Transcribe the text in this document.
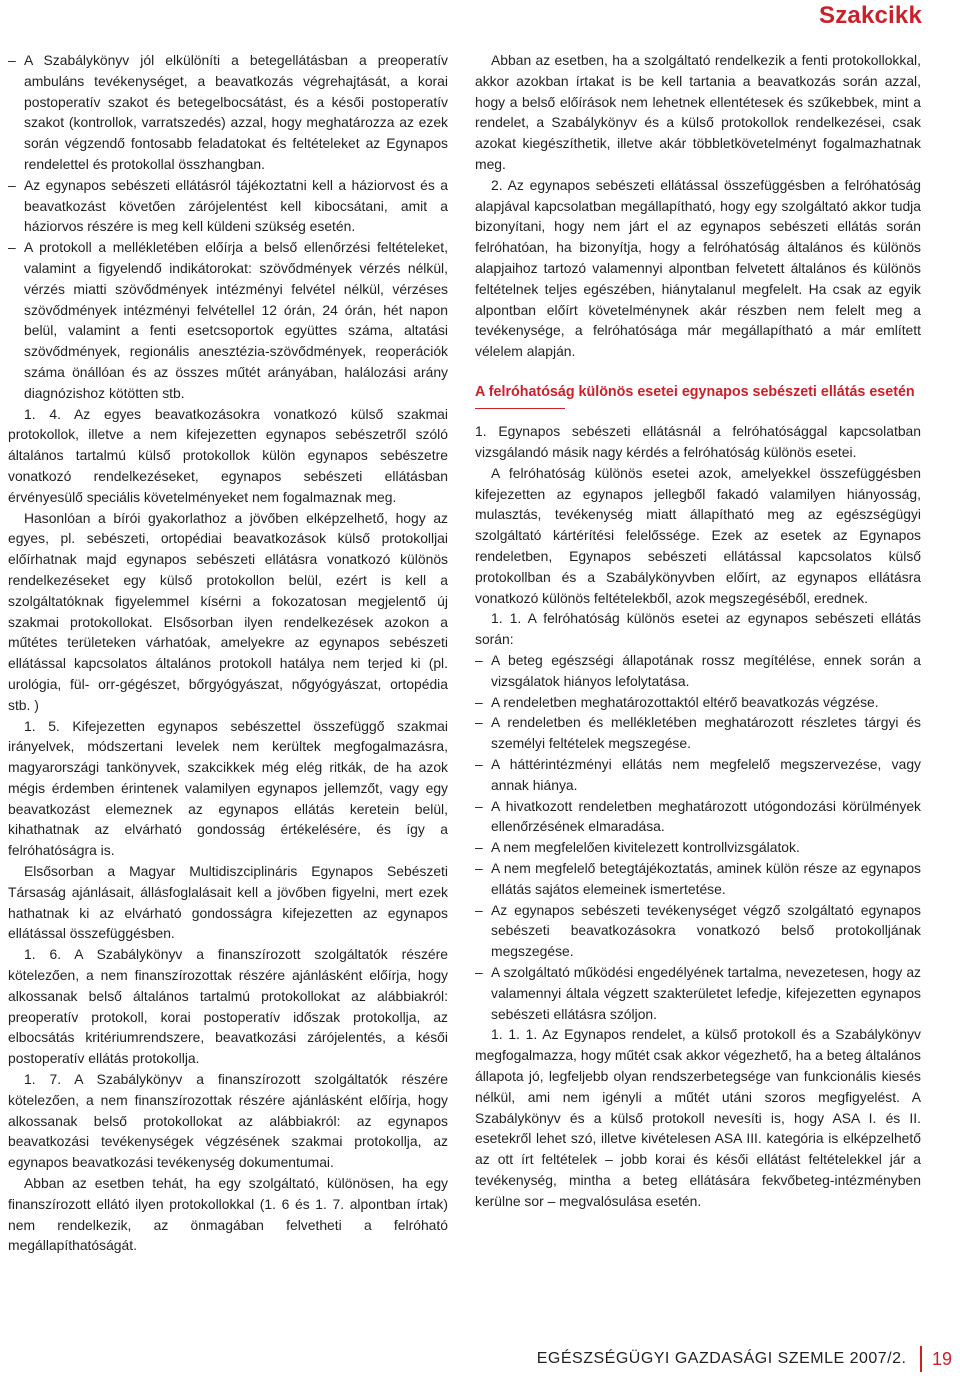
Szakcikk

– A Szabálykönyv jól elkülöníti a betegellátásban a preoperatív ambuláns tevékenységet, a beavatkozás végrehajtását, a korai postoperatív szakot és betegelbocsátást, és a késői postoperatív szakot (kontrollok, varratszedés) azzal, hogy meghatározza az ezek során végzendő fontosabb feladatokat és feltételeket az Egynapos rendelettel és protokollal összhangban.

– Az egynapos sebészeti ellátásról tájékoztatni kell a háziorvost és a beavatkozást követően zárójelentést kell kibocsátani, amit a háziorvos részére is meg kell küldeni szükség esetén.

– A protokoll a mellékletében előírja a belső ellenőrzési feltételeket, valamint a figyelendő indikátorokat: szövődmények vérzés nélkül, vérzés miatti szövődmények intézményi felvétel nélkül, vérzéses szövődmények intézményi felvétellel 12 órán, 24 órán, hét napon belül, valamint a fenti esetcsoportok együttes száma, altatási szövődmények, regionális anesztézia-szövődmények, reoperációk száma önállóan és az összes műtét arányában, halálozási arány diagnózishoz kötötten stb.

1. 4. Az egyes beavatkozásokra vonatkozó külső szakmai protokollok, illetve a nem kifejezetten egynapos sebészetről szóló általános tartalmú külső protokollok külön egynapos sebészetre vonatkozó rendelkezéseket, egynapos sebészeti ellátásban érvényesülő speciális követelményeket nem fogalmaznak meg.

Hasonlóan a bírói gyakorlathoz a jövőben elképzelhető, hogy az egyes, pl. sebészeti, ortopédiai beavatkozások külső protokolljai előírhatnak majd egynapos sebészeti ellátásra vonatkozó különös rendelkezéseket egy külső protokollon belül, ezért is kell a szolgáltatóknak figyelemmel kísérni a fokozatosan megjelentő új szakmai protokollokat. Elsősorban ilyen rendelkezések azokon a műtétes területeken várhatóak, amelyekre az egynapos sebészeti ellátással kapcsolatos általános protokoll hatálya nem terjed ki (pl. urológia, fül- orr-gégészet, bőrgyógyászat, nőgyógyászat, ortopédia stb. )

1. 5. Kifejezetten egynapos sebészettel összefüggő szakmai irányelvek, módszertani levelek nem kerültek megfogalmazásra, magyarországi tankönyvek, szakcikkek még elég ritkák, de ha azok mégis érdemben érintenek valamilyen egynapos jellemzőt, vagy egy beavatkozást elemeznek az egynapos ellátás keretein belül, kihathatnak az elvárható gondosság értékelésére, és így a felróhatóságra is.

Elsősorban a Magyar Multidiszciplináris Egynapos Sebészeti Társaság ajánlásait, állásfoglalásait kell a jövőben figyelni, mert ezek hathatnak ki az elvárható gondosságra kifejezetten az egynapos ellátással összefüggésben.

1. 6. A Szabálykönyv a finanszírozott szolgáltatók részére kötelezően, a nem finanszírozottak részére ajánlásként előírja, hogy alkossanak belső általános tartalmú protokollokat az alábbiakról: preoperatív protokoll, korai postoperatív időszak protokollja, az elbocsátás kritériumrendszere, beavatkozási zárójelentés, a késői postoperatív ellátás protokollja.

1. 7. A Szabálykönyv a finanszírozott szolgáltatók részére kötelezően, a nem finanszírozottak részére ajánlásként előírja, hogy alkossanak belső protokollokat az alábbiakról: az egynapos beavatkozási tevékenységek végzésének szakmai protokollja, az egynapos beavatkozási tevékenység dokumentumai.

Abban az esetben tehát, ha egy szolgáltató, különösen, ha egy finanszírozott ellátó ilyen protokollokkal (1. 6 és 1. 7. alpontban írtak) nem rendelkezik, az önmagában felvetheti a felróható megállapíthatóságát.

Abban az esetben, ha a szolgáltató rendelkezik a fenti protokollokkal, akkor azokban írtakat is be kell tartania a beavatkozás során azzal, hogy a belső előírások nem lehetnek ellentétesek és szűkebbek, mint a rendelet, a Szabálykönyv és a külső protokollok rendelkezései, csak azokat kiegészíthetik, illetve akár többletkövetelményt fogalmazhatnak meg.

2. Az egynapos sebészeti ellátással összefüggésben a felróhatóság alapjával kapcsolatban megállapítható, hogy egy szolgáltató akkor tudja bizonyítani, hogy nem járt el az egynapos sebészeti ellátás során felróhatóan, ha bizonyítja, hogy a felróhatóság általános és különös alapjaihoz tartozó valamennyi alpontban felvetett általános és különös feltételnek teljes egészében, hiánytalanul megfelelt. Ha csak az egyik alpontban előírt követelménynek akár részben nem felelt meg a tevékenysége, a felróhatósága már megállapítható a már említett vélelem alapján.

A felróhatóság különös esetei egynapos sebészeti ellátás esetén

1. Egynapos sebészeti ellátásnál a felróhatósággal kapcsolatban vizsgálandó másik nagy kérdés a felróhatóság különös esetei.

A felróhatóság különös esetei azok, amelyekkel összefüggésben kifejezetten az egynapos jellegből fakadó valamilyen hiányosság, mulasztás, tevékenység miatt állapítható meg az egészségügyi szolgáltató kártérítési felelőssége. Ezek az esetek az Egynapos rendeletben, Egynapos sebészeti ellátással kapcsolatos külső protokollban és a Szabálykönyvben előírt, az egynapos ellátásra vonatkozó különös feltételekből, azok megszegéséből, erednek.

1. 1. A felróhatóság különös esetei az egynapos sebészeti ellátás során:

– A beteg egészségi állapotának rossz megítélése, ennek során a vizsgálatok hiányos lefolytatása.

– A rendeletben meghatározottaktól eltérő beavatkozás végzése.

– A rendeletben és mellékletében meghatározott részletes tárgyi és személyi feltételek megszegése.

– A háttérintézményi ellátás nem megfelelő megszervezése, vagy annak hiánya.

– A hivatkozott rendeletben meghatározott utógondozási körülmények ellenőrzésének elmaradása.

– A nem megfelelően kivitelezett kontrollvizsgálatok.

– A nem megfelelő betegtájékoztatás, aminek külön része az egynapos ellátás sajátos elemeinek ismertetése.

– Az egynapos sebészeti tevékenységet végző szolgáltató egynapos sebészeti beavatkozásokra vonatkozó belső protokolljának megszegése.

– A szolgáltató működési engedélyének tartalma, nevezetesen, hogy az valamennyi általa végzett szakterületet lefedje, kifejezetten egynapos sebészeti ellátásra szóljon.

1. 1. 1. Az Egynapos rendelet, a külső protokoll és a Szabálykönyv megfogalmazza, hogy műtét csak akkor végezhető, ha a beteg általános állapota jó, legfeljebb olyan rendszerbetegsége van funkcionális kiesés nélkül, ami nem igényli a műtét utáni szoros megfigyelést. A Szabálykönyv és a külső protokoll nevesíti is, hogy ASA I. és II. esetekről lehet szó, illetve kivételesen ASA III. kategória is elképzelhető az ott írt feltételek – jobb korai és késői ellátást feltételekkel jár a tevékenység, mintha a beteg ellátására fekvőbeteg-intézményben kerülne sor – megvalósulása esetén.

EGÉSZSÉGÜGYI GAZDASÁGI SZEMLE 2007/2. 19
